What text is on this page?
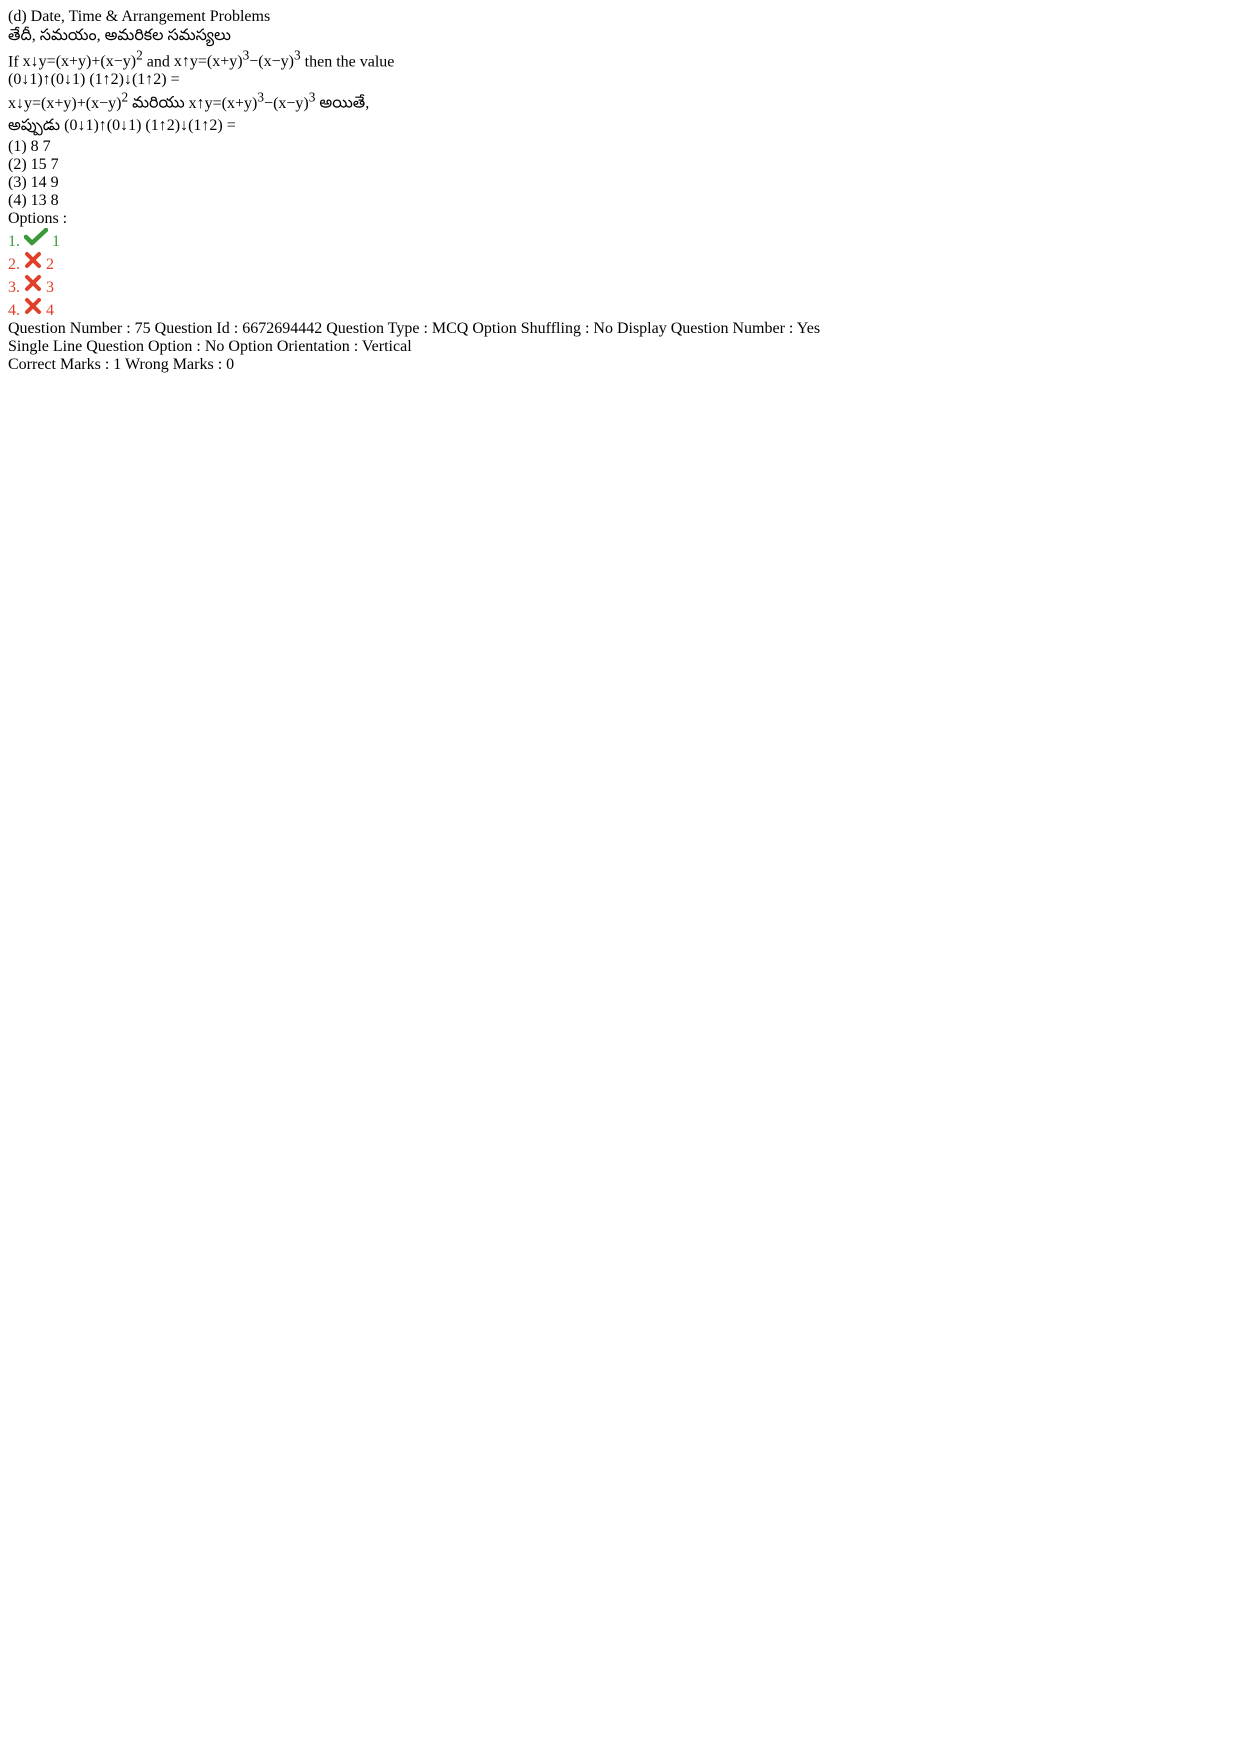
(d) Date, Time & Arrangement Problems
తేదీ, సమయం, అమరికల సమస్యలు
If $x↓y=(x+y)+(x-y)^2$ and $x↑y=(x+y)^3-(x-y)^3$ then the value
(0↓1)↑(0↓1) (1↑2)↓(1↑2) =
$x↓y=(x+y)+(x-y)^2$ మరియు $x↑y=(x+y)^3-(x-y)^3$ అయితే,
అప్పుడు (0↓1)↑(0↓1) (1↑2)↓(1↑2) =
(1) 8 7
(2) 15 7
(3) 14 9
(4) 13 8
Options :
1. 1
2. 2
3. 3
4. 4
Question Number : 75 Question Id : 6672694442 Question Type : MCQ Option Shuffling : No Display Question Number : Yes
Single Line Question Option : No Option Orientation : Vertical
Correct Marks : 1 Wrong Marks : 0
